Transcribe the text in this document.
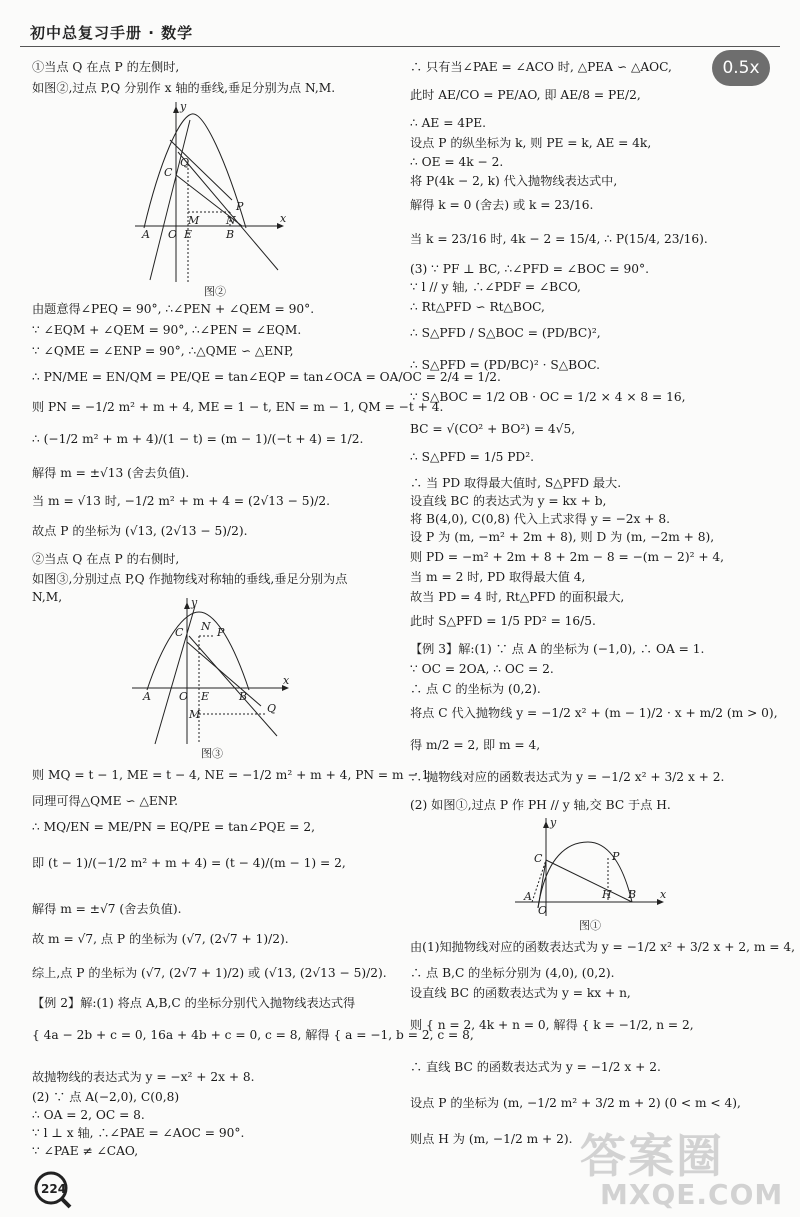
初中总复习手册 · 数学
0.5x
①当点 Q 在点 P 的左侧时,
如图②,过点 P,Q 分别作 x 轴的垂线,垂足分别为点 N,M.
y
C
Q
O
A	E
M N
P
B
x
图②
由题意得∠PEQ = 90°, ∴∠PEN + ∠QEM = 90°.
∵ ∠EQM + ∠QEM = 90°, ∴∠PEN = ∠EQM.
∵ ∠QME = ∠ENP = 90°, ∴△QME ∽ △ENP,
∴ PN/ME = EN/QM = PE/QE = tan∠EQP = tan∠OCA = OA/OC = 2/4 = 1/2.
则 PN = −1/2 m² + m + 4, ME = 1 − t, EN = m − 1, QM = −t + 4.
∴ (−1/2 m² + m + 4)/(1 − t) = (m − 1)/(−t + 4) = 1/2.
解得 m = ±√13 (舍去负值).
当 m = √13 时, −1/2 m² + m + 4 = (2√13 − 5)/2.
故点 P 的坐标为 (√13, (2√13 − 5)/2).
②当点 Q 在点 P 的右侧时,
如图③,分别过点 P,Q 作抛物线对称轴的垂线,垂足分别为点
N,M,	y
C	P
N
A	O E	B
x
M	Q
图③
则 MQ = t − 1, ME = t − 4, NE = −1/2 m² + m + 4, PN = m − 1.
同理可得△QME ∽ △ENP.
∴ MQ/EN = ME/PN = EQ/PE = tan∠PQE = 2,
即 (t − 1)/(−1/2 m² + m + 4) = (t − 4)/(m − 1) = 2,
解得 m = ±√7 (舍去负值).
故 m = √7, 点 P 的坐标为 (√7, (2√7 + 1)/2).
综上,点 P 的坐标为 (√7, (2√7 + 1)/2) 或 (√13, (2√13 − 5)/2).
【例 2】解:(1) 将点 A,B,C 的坐标分别代入抛物线表达式得
{ 4a − 2b + c = 0, 16a + 4b + c = 0, c = 8, 解得 { a = −1, b = 2, c = 8,
故抛物线的表达式为 y = −x² + 2x + 8.
(2) ∵ 点 A(−2,0), C(0,8)
∴ OA = 2, OC = 8.
∵ l ⊥ x 轴, ∴∠PAE = ∠AOC = 90°.
∵ ∠PAE ≠ ∠CAO,
∴ 只有当∠PAE = ∠ACO 时, △PEA ∽ △AOC,
此时 AE/CO = PE/AO, 即 AE/8 = PE/2,
∴ AE = 4PE.
设点 P 的纵坐标为 k, 则 PE = k, AE = 4k,
∴ OE = 4k − 2.
将 P(4k − 2, k) 代入抛物线表达式中,
解得 k = 0 (舍去) 或 k = 23/16.
当 k = 23/16 时, 4k − 2 = 15/4, ∴ P(15/4, 23/16).
(3) ∵ PF ⊥ BC, ∴∠PFD = ∠BOC = 90°.
∵ l // y 轴, ∴∠PDF = ∠BCO,
∴ Rt△PFD ∽ Rt△BOC,
∴ S△PFD / S△BOC = (PD/BC)²,
∴ S△PFD = (PD/BC)² · S△BOC.
∵ S△BOC = 1/2 OB · OC = 1/2 × 4 × 8 = 16,
BC = √(CO² + BO²) = 4√5,
∴ S△PFD = 1/5 PD².
∴ 当 PD 取得最大值时, S△PFD 最大.
设直线 BC 的表达式为 y = kx + b,
将 B(4,0), C(0,8) 代入上式求得 y = −2x + 8.
设 P 为 (m, −m² + 2m + 8), 则 D 为 (m, −2m + 8),
则 PD = −m² + 2m + 8 + 2m − 8 = −(m − 2)² + 4,
当 m = 2 时, PD 取得最大值 4,
故当 PD = 4 时, Rt△PFD 的面积最大,
此时 S△PFD = 1/5 PD² = 16/5.
【例 3】解:(1) ∵ 点 A 的坐标为 (−1,0), ∴ OA = 1.
∵ OC = 2OA, ∴ OC = 2.
∴ 点 C 的坐标为 (0,2).
将点 C 代入抛物线 y = −1/2 x² + (m − 1)/2 · x + m/2 (m > 0),
得 m/2 = 2, 即 m = 4,
∴ 抛物线对应的函数表达式为 y = −1/2 x² + 3/2 x + 2.
(2) 如图①,过点 P 作 PH // y 轴,交 BC 于点 H.
y
C	P
A
O
H B x
图①
由(1)知抛物线对应的函数表达式为 y = −1/2 x² + 3/2 x + 2, m = 4,
∴ 点 B,C 的坐标分别为 (4,0), (0,2).
设直线 BC 的函数表达式为 y = kx + n,
则 { n = 2, 4k + n = 0, 解得 { k = −1/2, n = 2,
∴ 直线 BC 的函数表达式为 y = −1/2 x + 2.
设点 P 的坐标为 (m, −1/2 m² + 3/2 m + 2) (0 < m < 4),
则点 H 为 (m, −1/2 m + 2).
224
答案圈
MXQE.COM
